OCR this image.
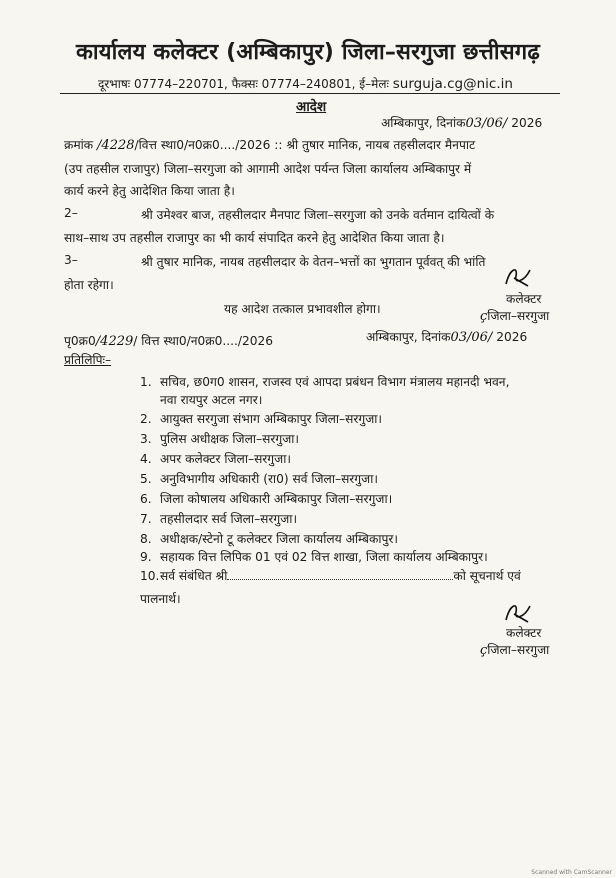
कार्यालय कलेक्टर (अम्बिकापुर) जिला–सरगुजा छत्तीसगढ़
दूरभाषः 07774–220701, फैक्सः 07774–240801, ई–मेलः surguja.cg@nic.in
आदेश
अम्बिकापुर, दिनांक03/06/ 2026
क्रमांक /4228/वित्त स्था0/न0क्र0..../2026 :: श्री तुषार मानिक, नायब तहसीलदार मैनपाट
(उप तहसील राजापुर) जिला–सरगुजा को आगामी आदेश पर्यन्त जिला कार्यालय अम्बिकापुर में
कार्य करने हेतु आदेशित किया जाता है।
2–	श्री उमेश्वर बाज, तहसीलदार मैनपाट जिला–सरगुजा को उनके वर्तमान दायित्वों के
साथ–साथ उप तहसील राजापुर का भी कार्य संपादित करने हेतु आदेशित किया जाता है।
3–	श्री तुषार मानिक, नायब तहसीलदार के वेतन–भत्तों का भुगतान पूर्ववत् की भांति
होता रहेगा।
यह आदेश तत्काल प्रभावशील होगा।
कलेक्टर
çजिला–सरगुजा
पृ0क्र0/4229/ वित्त स्था0/न0क्र0..../2026	अम्बिकापुर, दिनांक03/06/ 2026
प्रतिलिपिः–
1. सचिव, छ0ग0 शासन, राजस्व एवं आपदा प्रबंधन विभाग मंत्रालय महानदी भवन,
नवा रायपुर अटल नगर।
2. आयुक्त सरगुजा संभाग अम्बिकापुर जिला–सरगुजा।
3. पुलिस अधीक्षक जिला–सरगुजा।
4. अपर कलेक्टर जिला–सरगुजा।
5. अनुविभागीय अधिकारी (रा0) सर्व जिला–सरगुजा।
6. जिला कोषालय अधिकारी अम्बिकापुर जिला–सरगुजा।
7. तहसीलदार सर्व जिला–सरगुजा।
8. अधीक्षक/स्टेनो टू कलेक्टर जिला कार्यालय अम्बिकापुर।
9. सहायक वित्त लिपिक 01 एवं 02 वित्त शाखा, जिला कार्यालय अम्बिकापुर।
10.सर्व संबंधित श्री	को सूचनार्थ एवं
पालनार्थ।
कलेक्टर
çजिला–सरगुजा
Scanned with CamScanner
